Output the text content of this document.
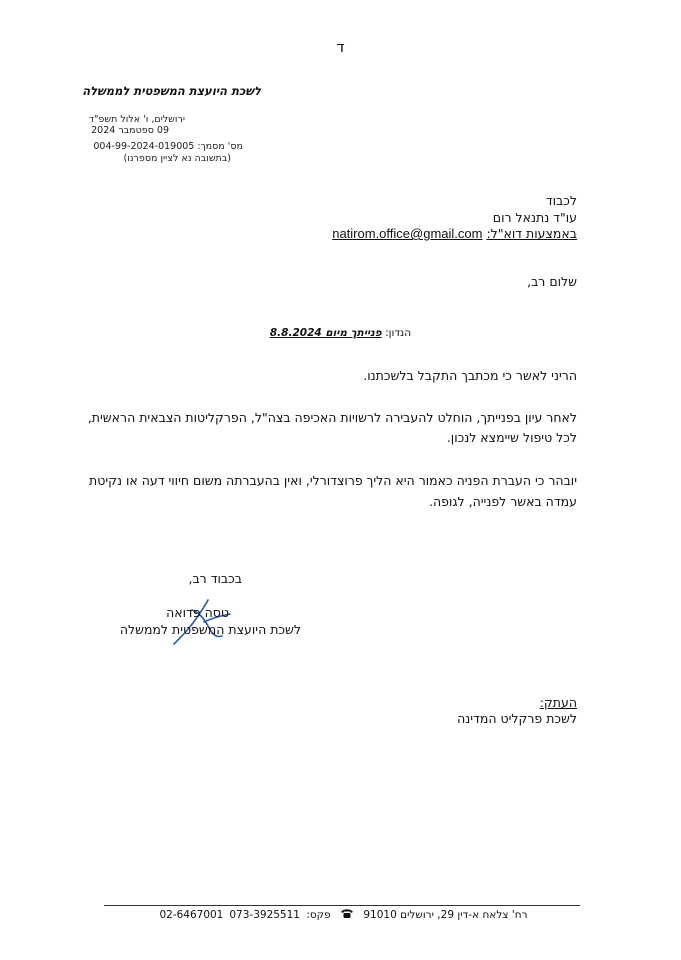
ד
לשכת היועצת המשפטית לממשלה
ירושלים, ו' אלול תשפ"ד
09 ספטמבר 2024
מס' מסמך: 004-99-2024-019005
(בתשובה נא לציין מספרנו)
לכבוד
עו"ד נתנאל רום
באמצעות דוא"ל: natirom.office@gmail.com
שלום רב,
הנדון: פנייתך מיום 8.8.2024
הריני לאשר כי מכתבך התקבל בלשכתנו.
לאחר עיון בפנייתך, הוחלט להעבירה לרשויות האכיפה בצה"ל, הפרקליטות הצבאית הראשית,
לכל טיפול שיימצא לנכון.
יובהר כי העברת הפניה כאמור היא הליך פרוצדורלי, ואין בהעברתה משום חיווי דעה או נקיטת
עמדה באשר לפנייה, לגופה.
בכבוד רב,
טסה פדואה
לשכת היועצת המשפטית לממשלה
העתק:
לשכת פרקליט המדינה
02-6467001	פקס: 073-3925511	רח' צלאח א-דין 29, ירושלים 91010
